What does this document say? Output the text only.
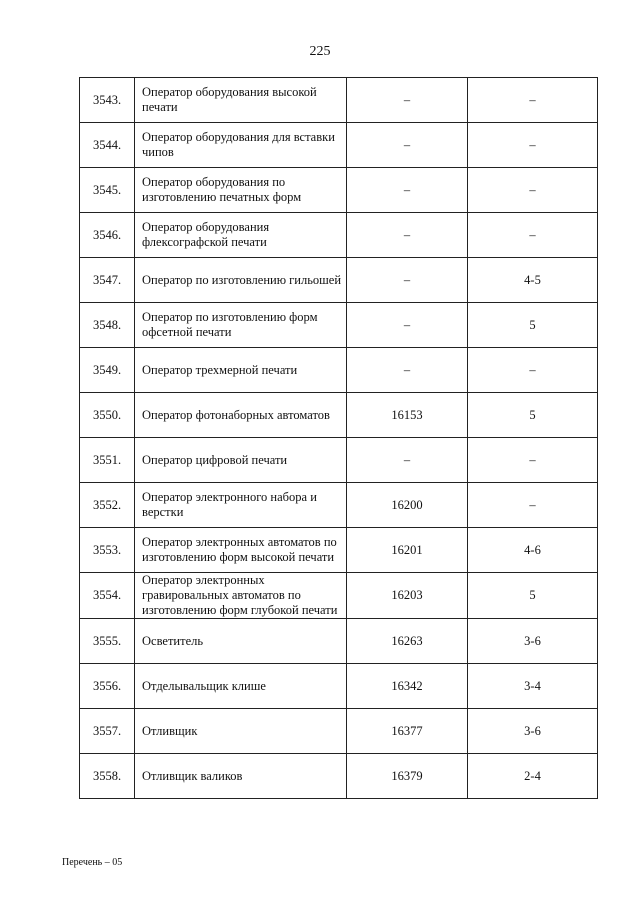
225
3543.	Оператор оборудования высокой печати	–	–
3544.	Оператор оборудования для вставки чипов	–	–
3545.	Оператор оборудования по изготовлению печатных форм	–	–
3546.	Оператор оборудования флексографской печати	–	–
3547.	Оператор по изготовлению гильошей	–	4-5
3548.	Оператор по изготовлению форм офсетной печати	–	5
3549.	Оператор трехмерной печати	–	–
3550.	Оператор фотонаборных автоматов	16153	5
3551.	Оператор цифровой печати	–	–
3552.	Оператор электронного набора и верстки	16200	–
3553.	Оператор электронных автоматов по изготовлению форм высокой печати	16201	4-6
3554.	Оператор электронных гравировальных автоматов по изготовлению форм глубокой печати	16203	5
3555.	Осветитель	16263	3-6
3556.	Отделывальщик клише	16342	3-4
3557.	Отливщик	16377	3-6
3558.	Отливщик валиков	16379	2-4
Перечень – 05
